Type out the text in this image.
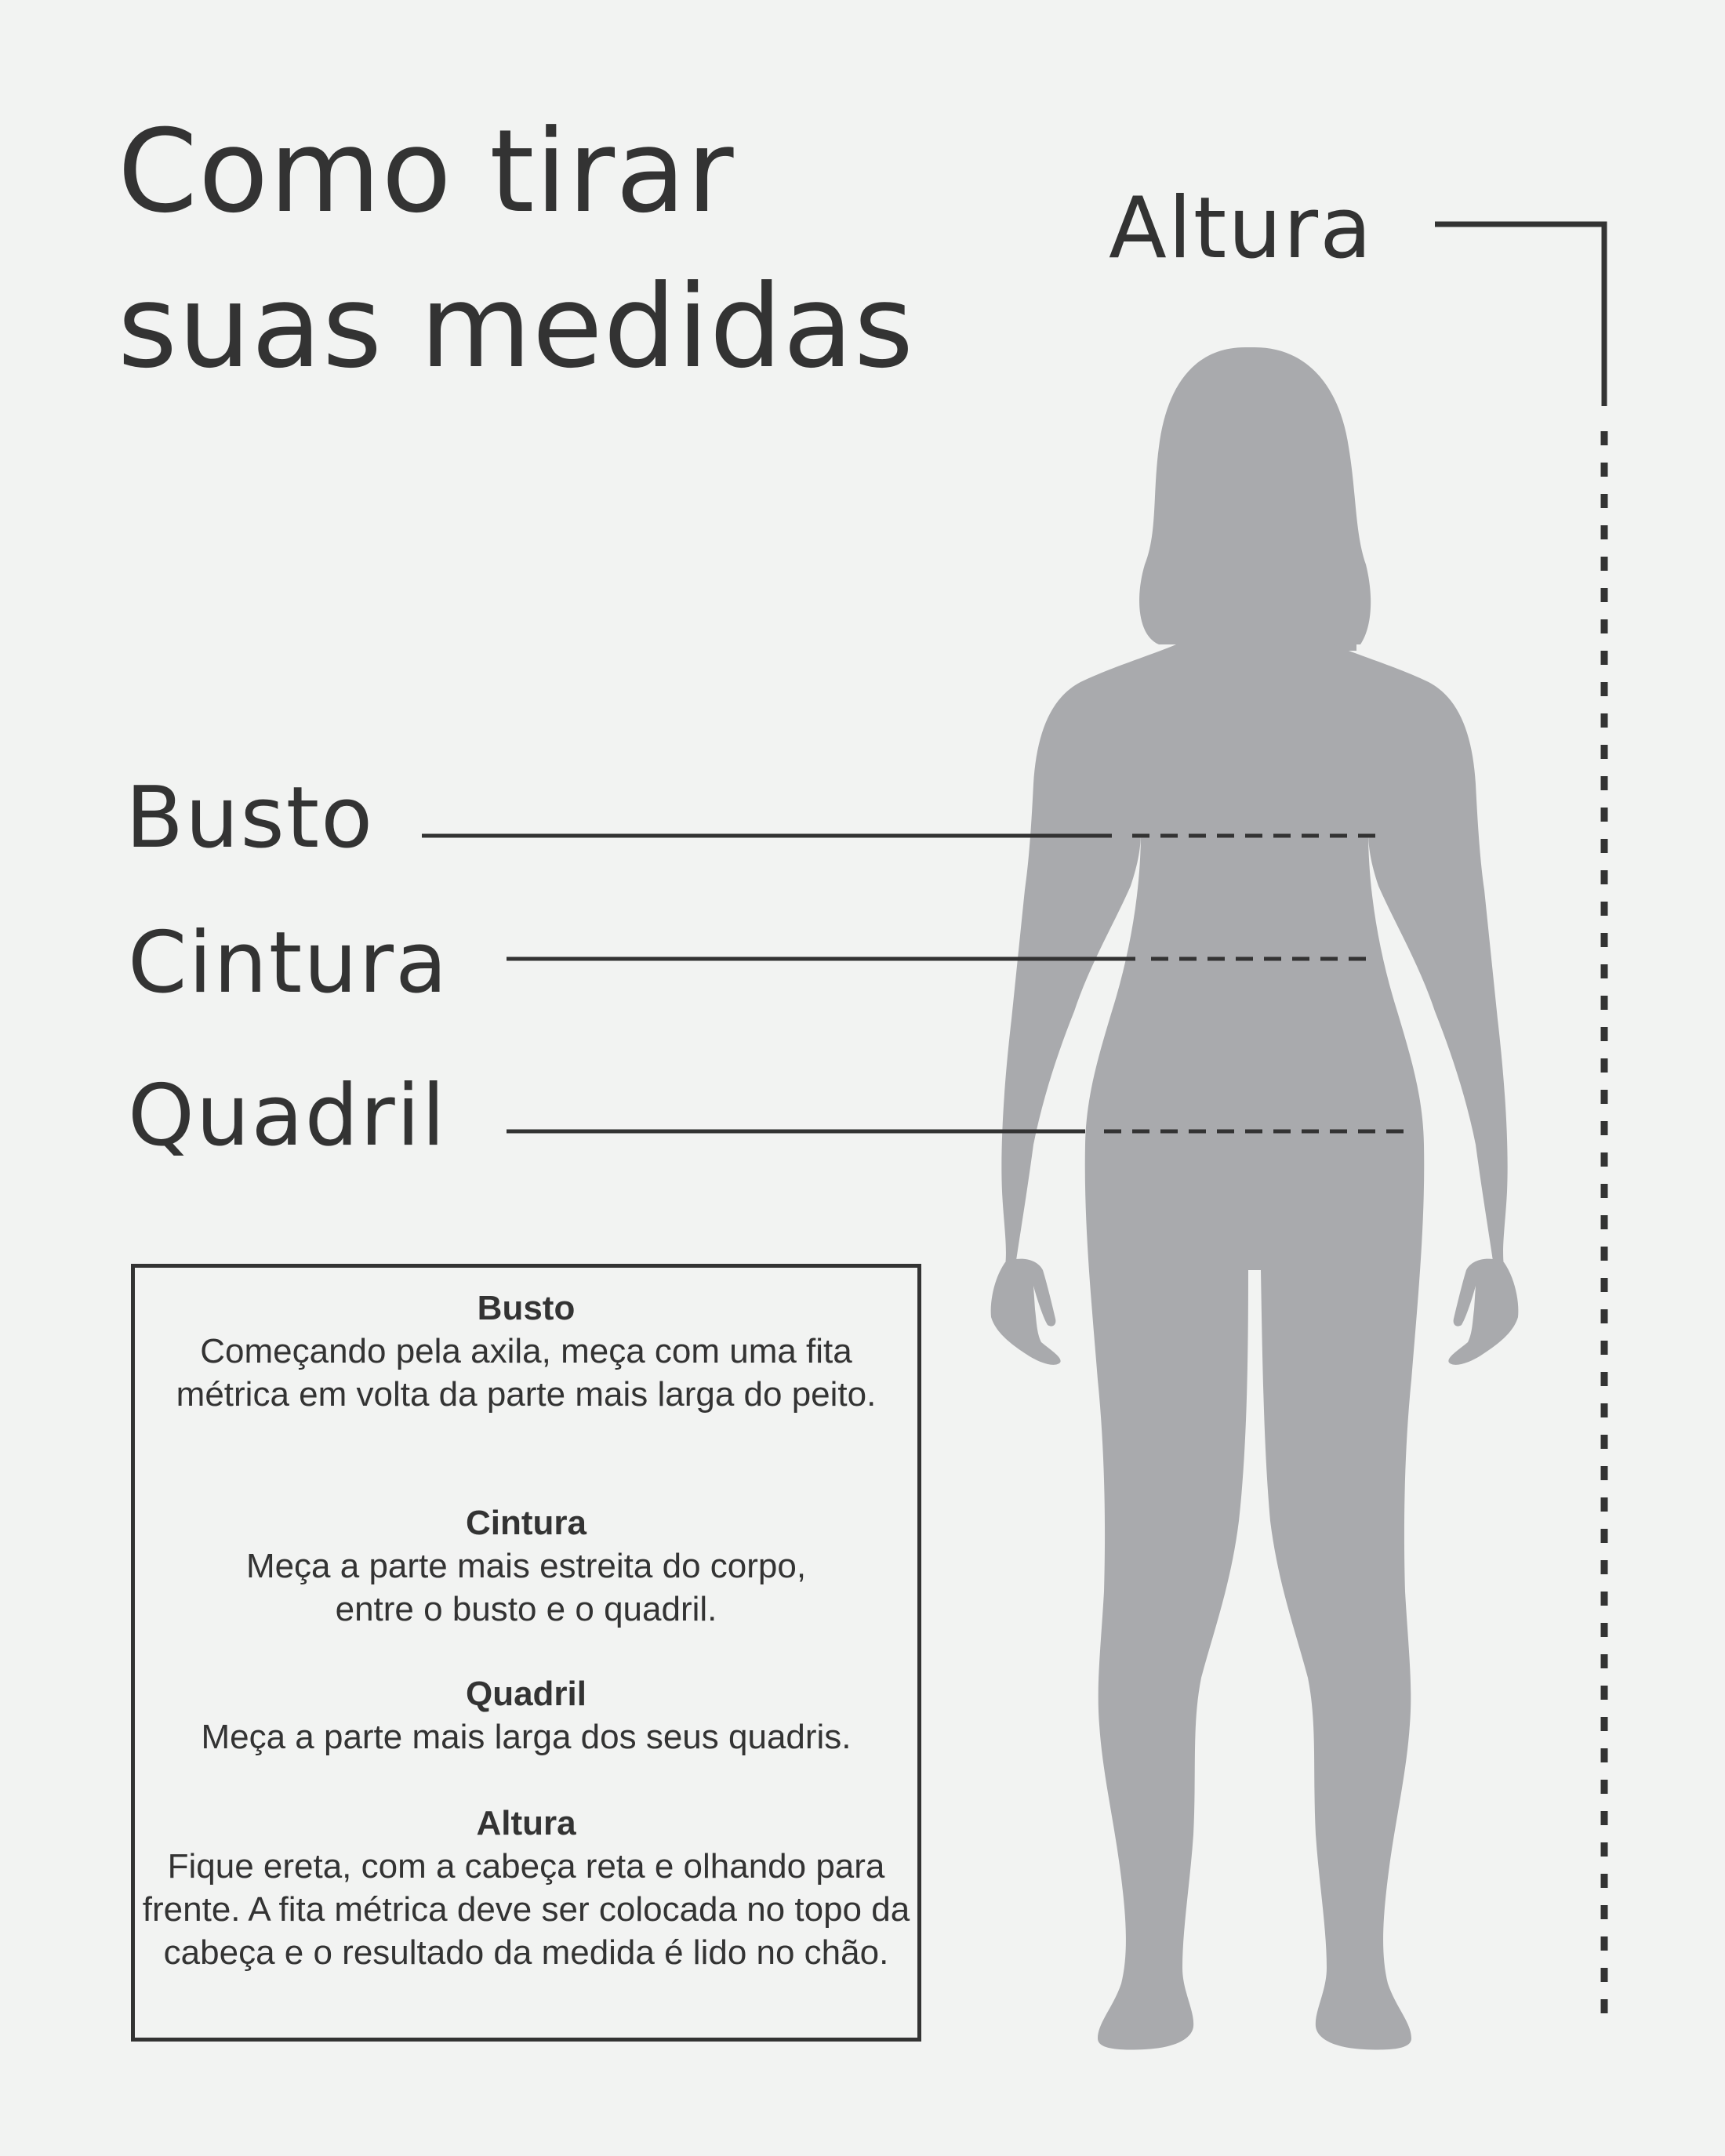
Como tirar
suas medidas
Altura
Busto
Cintura
Quadril
Busto

Começando pela axila, meça com uma fita métrica em volta da parte mais larga do peito.

Cintura

Meça a parte mais estreita do corpo, entre o busto e o quadril.

Quadril

Meça a parte mais larga dos seus quadris.

Altura

Fique ereta, com a cabeça reta e olhando para frente. A fita métrica deve ser colocada no topo da cabeça e o resultado da medida é lido no chão.
